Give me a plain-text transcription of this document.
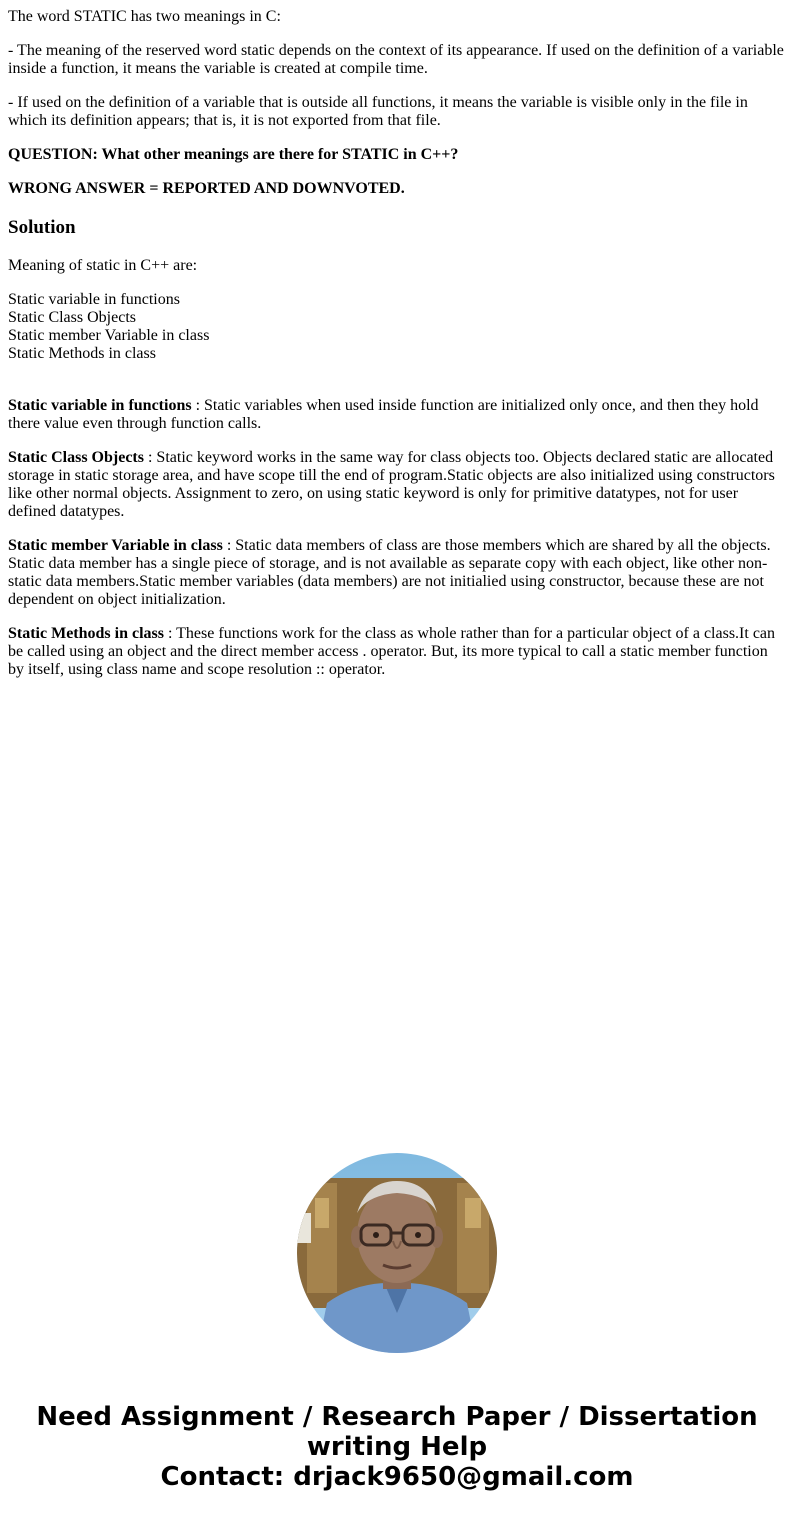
The word STATIC has two meanings in C:

- The meaning of the reserved word static depends on the context of its appearance. If used on the definition of a variable inside a function, it means the variable is created at compile time.

- If used on the definition of a variable that is outside all functions, it means the variable is visible only in the file in which its definition appears; that is, it is not exported from that file.

QUESTION: What other meanings are there for STATIC in C++?

WRONG ANSWER = REPORTED AND DOWNVOTED.

Solution

Meaning of static in C++ are:

Static variable in functions
Static Class Objects
Static member Variable in class
Static Methods in class

Static variable in functions : Static variables when used inside function are initialized only once, and then they hold there value even through function calls.

Static Class Objects : Static keyword works in the same way for class objects too. Objects declared static are allocated storage in static storage area, and have scope till the end of program.Static objects are also initialized using constructors like other normal objects. Assignment to zero, on using static keyword is only for primitive datatypes, not for user defined datatypes.

Static member Variable in class : Static data members of class are those members which are shared by all the objects. Static data member has a single piece of storage, and is not available as separate copy with each object, like other non-static data members.Static member variables (data members) are not initialied using constructor, because these are not dependent on object initialization.

Static Methods in class : These functions work for the class as whole rather than for a particular object of a class.It can be called using an object and the direct member access . operator. But, its more typical to call a static member function by itself, using class name and scope resolution :: operator.

Need Assignment / Research Paper / Dissertation
writing Help
Contact: drjack9650@gmail.com
